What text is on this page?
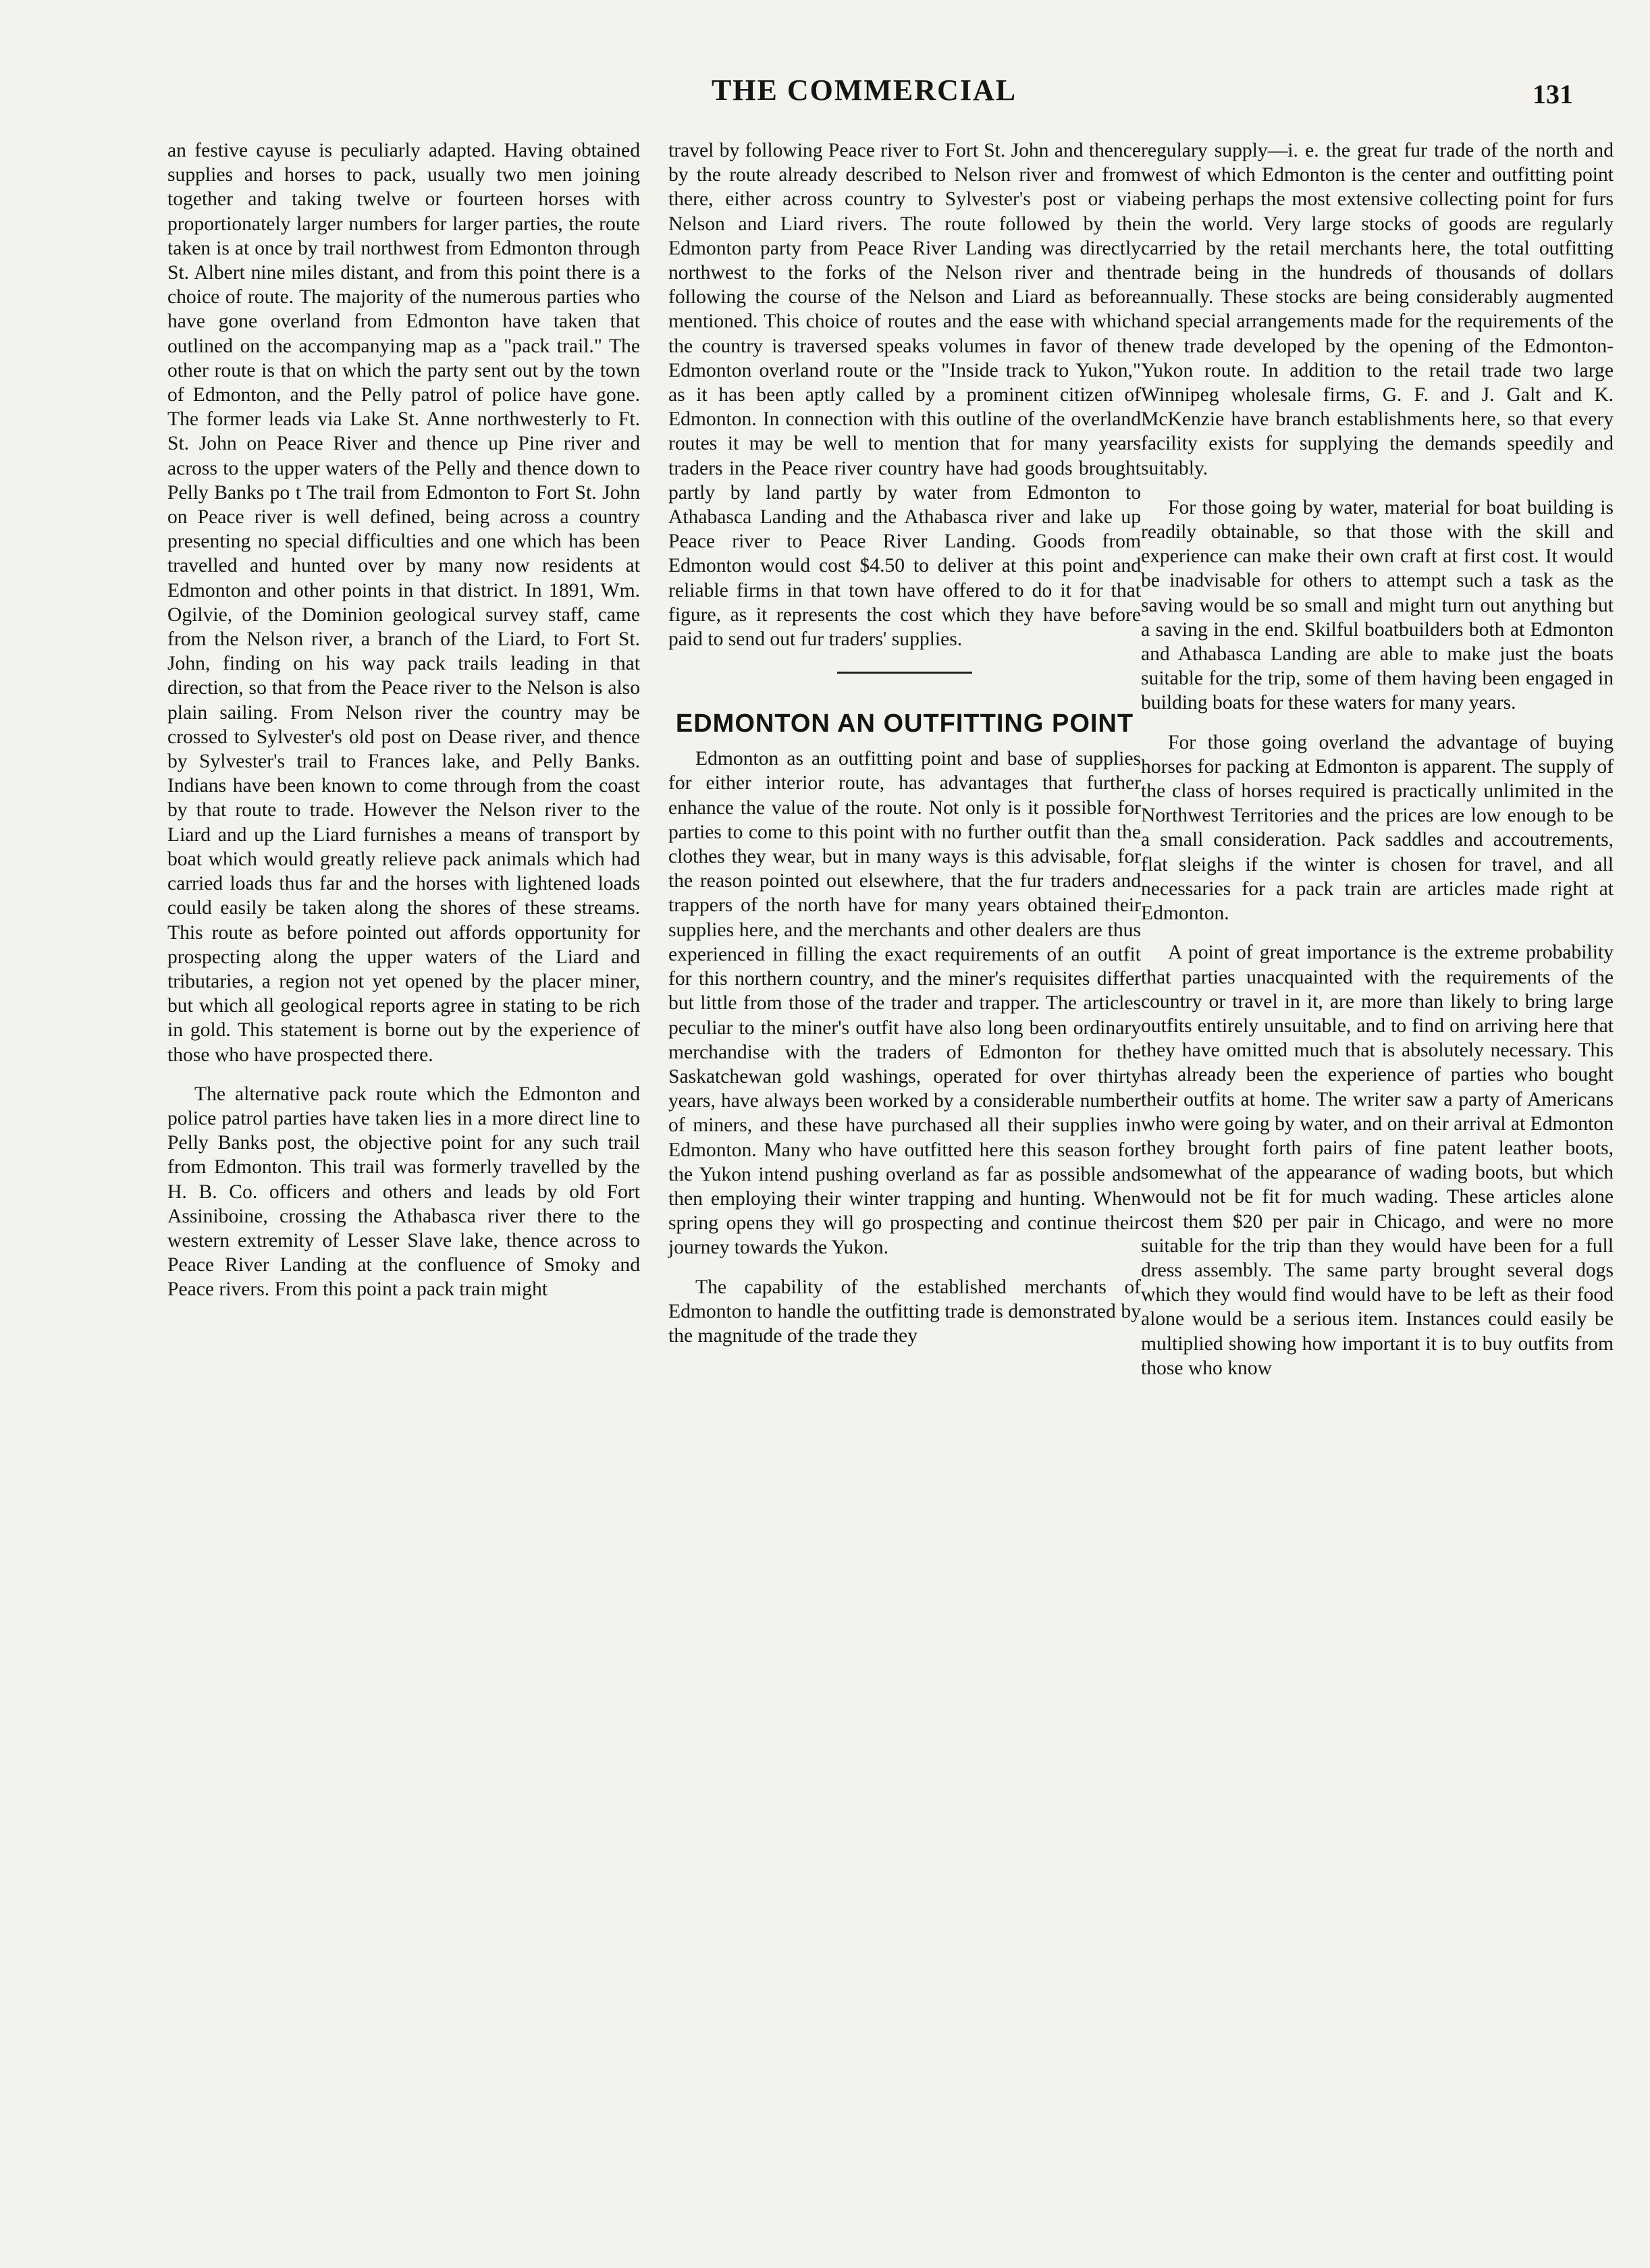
THE COMMERCIAL	131

an festive cayuse is peculiarly adapted. Having obtained supplies and horses to pack, usually two men joining together and taking twelve or fourteen horses with proportionately larger numbers for larger parties, the route taken is at once by trail northwest from Edmonton through St. Albert nine miles distant, and from this point there is a choice of route. The majority of the numerous parties who have gone overland from Edmonton have taken that outlined on the accompanying map as a "pack trail." The other route is that on which the party sent out by the town of Edmonton, and the Pelly patrol of police have gone. The former leads via Lake St. Anne northwesterly to Ft. St. John on Peace River and thence up Pine river and across to the upper waters of the Pelly and thence down to Pelly Banks po t The trail from Edmonton to Fort St. John on Peace river is well defined, being across a country presenting no special difficulties and one which has been travelled and hunted over by many now residents at Edmonton and other points in that district. In 1891, Wm. Ogilvie, of the Dominion geological survey staff, came from the Nelson river, a branch of the Liard, to Fort St. John, finding on his way pack trails leading in that direction, so that from the Peace river to the Nelson is also plain sailing. From Nelson river the country may be crossed to Sylvester's old post on Dease river, and thence by Sylvester's trail to Frances lake, and Pelly Banks. Indians have been known to come through from the coast by that route to trade. However the Nelson river to the Liard and up the Liard furnishes a means of transport by boat which would greatly relieve pack animals which had carried loads thus far and the horses with lightened loads could easily be taken along the shores of these streams. This route as before pointed out affords opportunity for prospecting along the upper waters of the Liard and tributaries, a region not yet opened by the placer miner, but which all geological reports agree in stating to be rich in gold. This statement is borne out by the experience of those who have prospected there.

The alternative pack route which the Edmonton and police patrol parties have taken lies in a more direct line to Pelly Banks post, the objective point for any such trail from Edmonton. This trail was formerly travelled by the H. B. Co. officers and others and leads by old Fort Assiniboine, crossing the Athabasca river there to the western extremity of Lesser Slave lake, thence across to Peace River Landing at the confluence of Smoky and Peace rivers. From this point a pack train might

travel by following Peace river to Fort St. John and thence by the route already described to Nelson river and from there, either across country to Sylvester's post or via Nelson and Liard rivers. The route followed by the Edmonton party from Peace River Landing was directly northwest to the forks of the Nelson river and then following the course of the Nelson and Liard as before mentioned. This choice of routes and the ease with which the country is traversed speaks volumes in favor of the Edmonton overland route or the "Inside track to Yukon," as it has been aptly called by a prominent citizen of Edmonton. In connection with this outline of the overland routes it may be well to mention that for many years traders in the Peace river country have had goods brought partly by land partly by water from Edmonton to Athabasca Landing and the Athabasca river and lake up Peace river to Peace River Landing. Goods from Edmonton would cost $4.50 to deliver at this point and reliable firms in that town have offered to do it for that figure, as it represents the cost which they have before paid to send out fur traders' supplies.

EDMONTON AN OUTFITTING POINT

Edmonton as an outfitting point and base of supplies for either interior route, has advantages that further enhance the value of the route. Not only is it possible for parties to come to this point with no further outfit than the clothes they wear, but in many ways is this advisable, for the reason pointed out elsewhere, that the fur traders and trappers of the north have for many years obtained their supplies here, and the merchants and other dealers are thus experienced in filling the exact requirements of an outfit for this northern country, and the miner's requisites differ but little from those of the trader and trapper. The articles peculiar to the miner's outfit have also long been ordinary merchandise with the traders of Edmonton for the Saskatchewan gold washings, operated for over thirty years, have always been worked by a considerable number of miners, and these have purchased all their supplies in Edmonton. Many who have outfitted here this season for the Yukon intend pushing overland as far as possible and then employing their winter trapping and hunting. When spring opens they will go prospecting and continue their journey towards the Yukon.

The capability of the established merchants of Edmonton to handle the outfitting trade is demonstrated by the magnitude of the trade they

regulary supply—i. e. the great fur trade of the north and west of which Edmonton is the center and outfitting point being perhaps the most extensive collecting point for furs in the world. Very large stocks of goods are regularly carried by the retail merchants here, the total outfitting trade being in the hundreds of thousands of dollars annually. These stocks are being considerably augmented and special arrangements made for the requirements of the new trade developed by the opening of the Edmonton-Yukon route. In addition to the retail trade two large Winnipeg wholesale firms, G. F. and J. Galt and K. McKenzie have branch establishments here, so that every facility exists for supplying the demands speedily and suitably.

For those going by water, material for boat building is readily obtainable, so that those with the skill and experience can make their own craft at first cost. It would be inadvisable for others to attempt such a task as the saving would be so small and might turn out anything but a saving in the end. Skilful boatbuilders both at Edmonton and Athabasca Landing are able to make just the boats suitable for the trip, some of them having been engaged in building boats for these waters for many years.

For those going overland the advantage of buying horses for packing at Edmonton is apparent. The supply of the class of horses required is practically unlimited in the Northwest Territories and the prices are low enough to be a small consideration. Pack saddles and accoutrements, flat sleighs if the winter is chosen for travel, and all necessaries for a pack train are articles made right at Edmonton.

A point of great importance is the extreme probability that parties unacquainted with the requirements of the country or travel in it, are more than likely to bring large outfits entirely unsuitable, and to find on arriving here that they have omitted much that is absolutely necessary. This has already been the experience of parties who bought their outfits at home. The writer saw a party of Americans who were going by water, and on their arrival at Edmonton they brought forth pairs of fine patent leather boots, somewhat of the appearance of wading boots, but which would not be fit for much wading. These articles alone cost them $20 per pair in Chicago, and were no more suitable for the trip than they would have been for a full dress assembly. The same party brought several dogs which they would find would have to be left as their food alone would be a serious item. Instances could easily be multiplied showing how important it is to buy outfits from those who know
